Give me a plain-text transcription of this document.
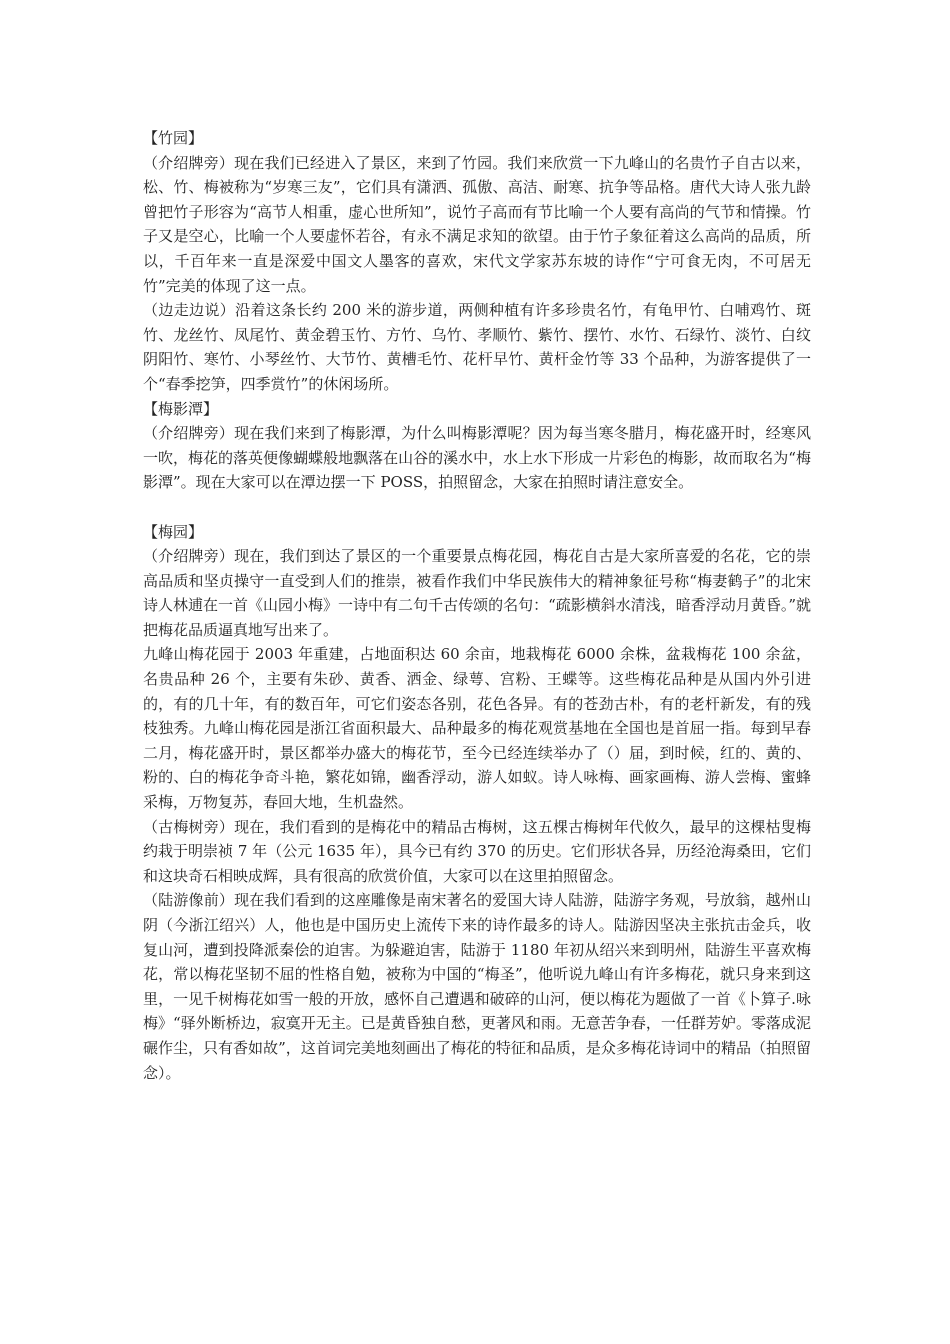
【竹园】

（介绍牌旁）现在我们已经进入了景区，来到了竹园。我们来欣赏一下九峰山的名贵竹子自古以来，松、竹、梅被称为“岁寒三友”，它们具有潇洒、孤傲、高洁、耐寒、抗争等品格。唐代大诗人张九龄曾把竹子形容为“高节人相重，虚心世所知”，说竹子高而有节比喻一个人要有高尚的气节和情操。竹子又是空心，比喻一个人要虚怀若谷，有永不满足求知的欲望。由于竹子象征着这么高尚的品质，所以，千百年来一直是深爱中国文人墨客的喜欢，宋代文学家苏东坡的诗作“宁可食无肉，不可居无竹”完美的体现了这一点。

（边走边说）沿着这条长约 200 米的游步道，两侧种植有许多珍贵名竹，有龟甲竹、白哺鸡竹、斑竹、龙丝竹、凤尾竹、黄金碧玉竹、方竹、乌竹、孝顺竹、紫竹、摆竹、水竹、石绿竹、淡竹、白纹阴阳竹、寒竹、小琴丝竹、大节竹、黄槽毛竹、花杆早竹、黄杆金竹等 33 个品种，为游客提供了一个“春季挖笋，四季赏竹”的休闲场所。

【梅影潭】

（介绍牌旁）现在我们来到了梅影潭，为什么叫梅影潭呢？因为每当寒冬腊月，梅花盛开时，经寒风一吹，梅花的落英便像蝴蝶般地飘落在山谷的溪水中，水上水下形成一片彩色的梅影，故而取名为“梅影潭”。现在大家可以在潭边摆一下 POSS，拍照留念，大家在拍照时请注意安全。

【梅园】

（介绍牌旁）现在，我们到达了景区的一个重要景点梅花园，梅花自古是大家所喜爱的名花，它的崇高品质和坚贞操守一直受到人们的推崇，被看作我们中华民族伟大的精神象征号称“梅妻鹤子”的北宋诗人林逋在一首《山园小梅》一诗中有二句千古传颂的名句：“疏影横斜水清浅，暗香浮动月黄昏。”就把梅花品质逼真地写出来了。

九峰山梅花园于 2003 年重建，占地面积达 60 余亩，地栽梅花 6000 余株，盆栽梅花 100 余盆，名贵品种 26 个，主要有朱砂、黄香、洒金、绿萼、宫粉、王蝶等。这些梅花品种是从国内外引进的，有的几十年，有的数百年，可它们姿态各别，花色各异。有的苍劲古朴，有的老杆新发，有的残枝独秀。九峰山梅花园是浙江省面积最大、品种最多的梅花观赏基地在全国也是首屈一指。每到早春二月，梅花盛开时，景区都举办盛大的梅花节，至今已经连续举办了（）届，到时候，红的、黄的、粉的、白的梅花争奇斗艳，繁花如锦，幽香浮动，游人如蚁。诗人咏梅、画家画梅、游人尝梅、蜜蜂采梅，万物复苏，春回大地，生机盎然。

（古梅树旁）现在，我们看到的是梅花中的精品古梅树，这五棵古梅树年代攸久，最早的这棵枯叟梅约栽于明崇祯 7 年（公元 1635 年），具今已有约 370 的历史。它们形状各异，历经沧海桑田，它们和这块奇石相映成辉，具有很高的欣赏价值，大家可以在这里拍照留念。

（陆游像前）现在我们看到的这座雕像是南宋著名的爱国大诗人陆游，陆游字务观，号放翁，越州山阴（今浙江绍兴）人，他也是中国历史上流传下来的诗作最多的诗人。陆游因坚决主张抗击金兵，收复山河，遭到投降派秦侩的迫害。为躲避迫害，陆游于 1180 年初从绍兴来到明州，陆游生平喜欢梅花，常以梅花坚韧不屈的性格自勉，被称为中国的“梅圣”，他听说九峰山有许多梅花，就只身来到这里，一见千树梅花如雪一般的开放，感怀自己遭遇和破碎的山河，便以梅花为题做了一首《卜算子.咏梅》“驿外断桥边，寂寞开无主。已是黄昏独自愁，更著风和雨。无意苦争春，一任群芳妒。零落成泥碾作尘，只有香如故”，这首词完美地刻画出了梅花的特征和品质，是众多梅花诗词中的精品（拍照留念）。
